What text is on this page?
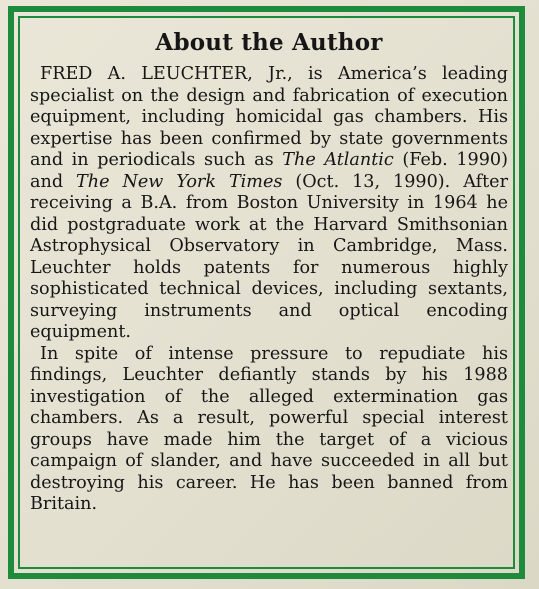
About the Author

FRED A. LEUCHTER, Jr., is America’s leading specialist on the design and fabrication of execution equipment, including homicidal gas chambers. His expertise has been confirmed by state governments and in periodicals such as The Atlantic (Feb. 1990) and The New York Times (Oct. 13, 1990). After receiving a B.A. from Boston University in 1964 he did postgraduate work at the Harvard Smithsonian Astrophysical Observatory in Cambridge, Mass. Leuchter holds patents for numerous highly sophisticated technical devices, including sextants, surveying instruments and optical encoding equipment.

In spite of intense pressure to repudiate his findings, Leuchter defiantly stands by his 1988 investigation of the alleged extermination gas chambers. As a result, powerful special interest groups have made him the target of a vicious campaign of slander, and have succeeded in all but destroying his career. He has been banned from Britain.
